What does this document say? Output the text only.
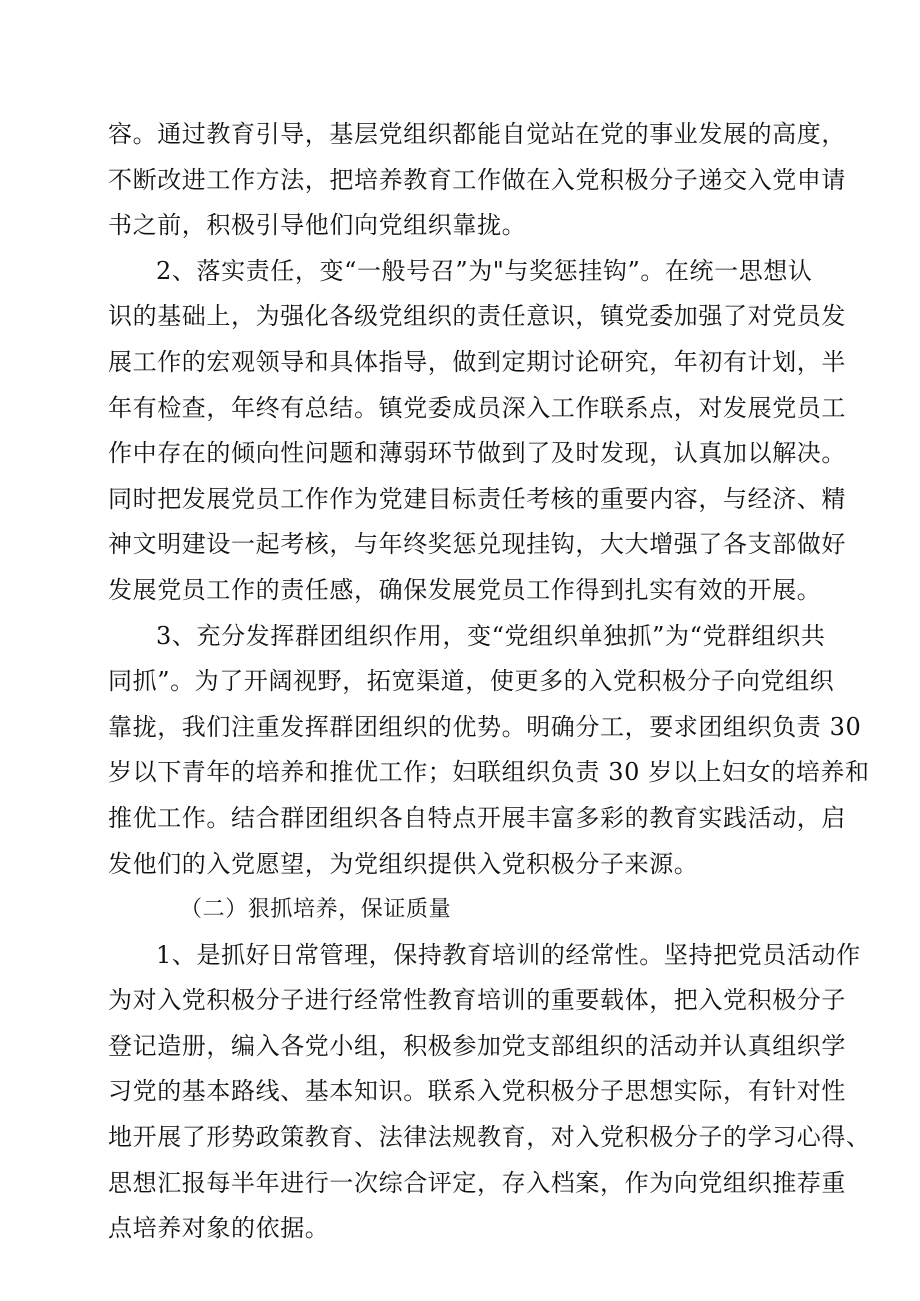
容。通过教育引导，基层党组织都能自觉站在党的事业发展的高度，
不断改进工作方法，把培养教育工作做在入党积极分子递交入党申请
书之前，积极引导他们向党组织靠拢。
2、落实责任，变“一般号召”为"与奖惩挂钩”。在统一思想认
识的基础上，为强化各级党组织的责任意识，镇党委加强了对党员发
展工作的宏观领导和具体指导，做到定期讨论研究，年初有计划，半
年有检查，年终有总结。镇党委成员深入工作联系点，对发展党员工
作中存在的倾向性问题和薄弱环节做到了及时发现，认真加以解决。
同时把发展党员工作作为党建目标责任考核的重要内容，与经济、精
神文明建设一起考核，与年终奖惩兑现挂钩，大大增强了各支部做好
发展党员工作的责任感，确保发展党员工作得到扎实有效的开展。
3、充分发挥群团组织作用，变“党组织单独抓”为“党群组织共
同抓”。为了开阔视野，拓宽渠道，使更多的入党积极分子向党组织
靠拢，我们注重发挥群团组织的优势。明确分工，要求团组织负责 30
岁以下青年的培养和推优工作；妇联组织负责 30 岁以上妇女的培养和
推优工作。结合群团组织各自特点开展丰富多彩的教育实践活动，启
发他们的入党愿望，为党组织提供入党积极分子来源。
（二）狠抓培养，保证质量
1、是抓好日常管理，保持教育培训的经常性。坚持把党员活动作
为对入党积极分子进行经常性教育培训的重要载体，把入党积极分子
登记造册，编入各党小组，积极参加党支部组织的活动并认真组织学
习党的基本路线、基本知识。联系入党积极分子思想实际，有针对性
地开展了形势政策教育、法律法规教育，对入党积极分子的学习心得、
思想汇报每半年进行一次综合评定，存入档案，作为向党组织推荐重
点培养对象的依据。
